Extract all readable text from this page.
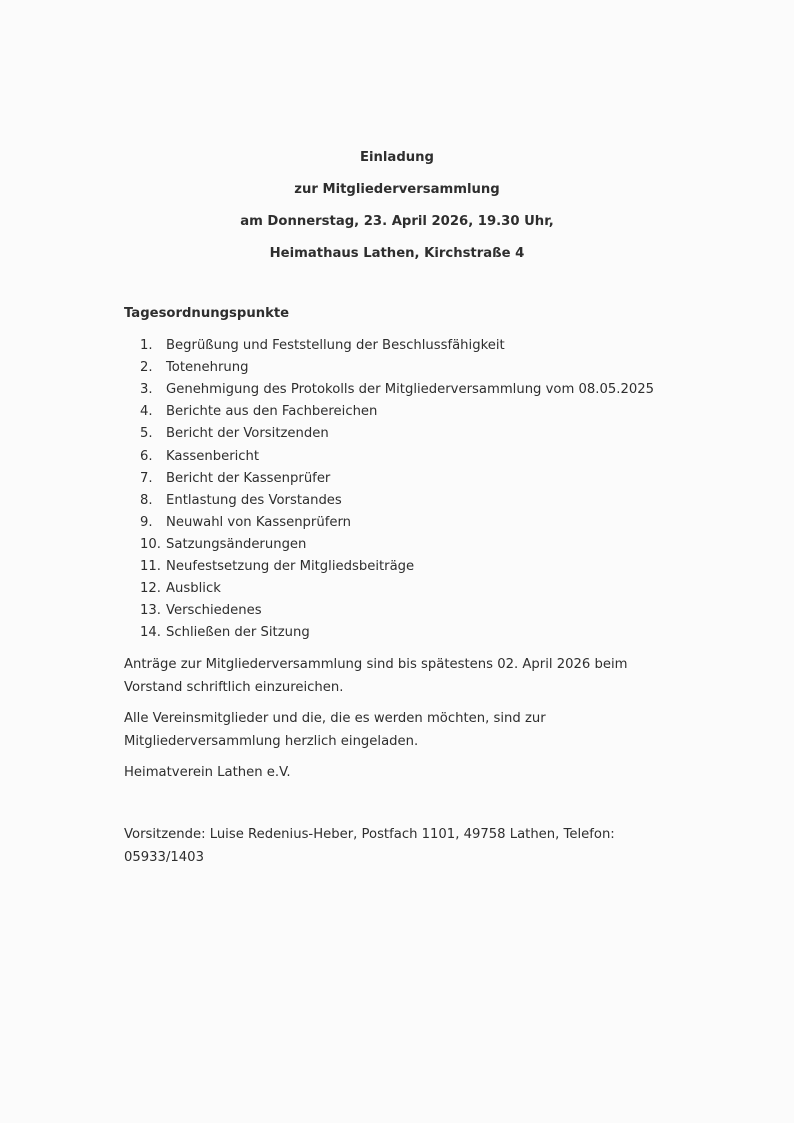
Einladung
zur Mitgliederversammlung
am Donnerstag, 23. April 2026, 19.30 Uhr,
Heimathaus Lathen, Kirchstraße 4
Tagesordnungspunkte
1. Begrüßung und Feststellung der Beschlussfähigkeit
2. Totenehrung
3. Genehmigung des Protokolls der Mitgliederversammlung vom 08.05.2025
4. Berichte aus den Fachbereichen
5. Bericht der Vorsitzenden
6. Kassenbericht
7. Bericht der Kassenprüfer
8. Entlastung des Vorstandes
9. Neuwahl von Kassenprüfern
10. Satzungsänderungen
11. Neufestsetzung der Mitgliedsbeiträge
12. Ausblick
13. Verschiedenes
14. Schließen der Sitzung
Anträge zur Mitgliederversammlung sind bis spätestens 02. April 2026 beim
Vorstand schriftlich einzureichen.
Alle Vereinsmitglieder und die, die es werden möchten, sind zur
Mitgliederversammlung herzlich eingeladen.
Heimatverein Lathen e.V.
Vorsitzende: Luise Redenius-Heber, Postfach 1101, 49758 Lathen, Telefon:
05933/1403
